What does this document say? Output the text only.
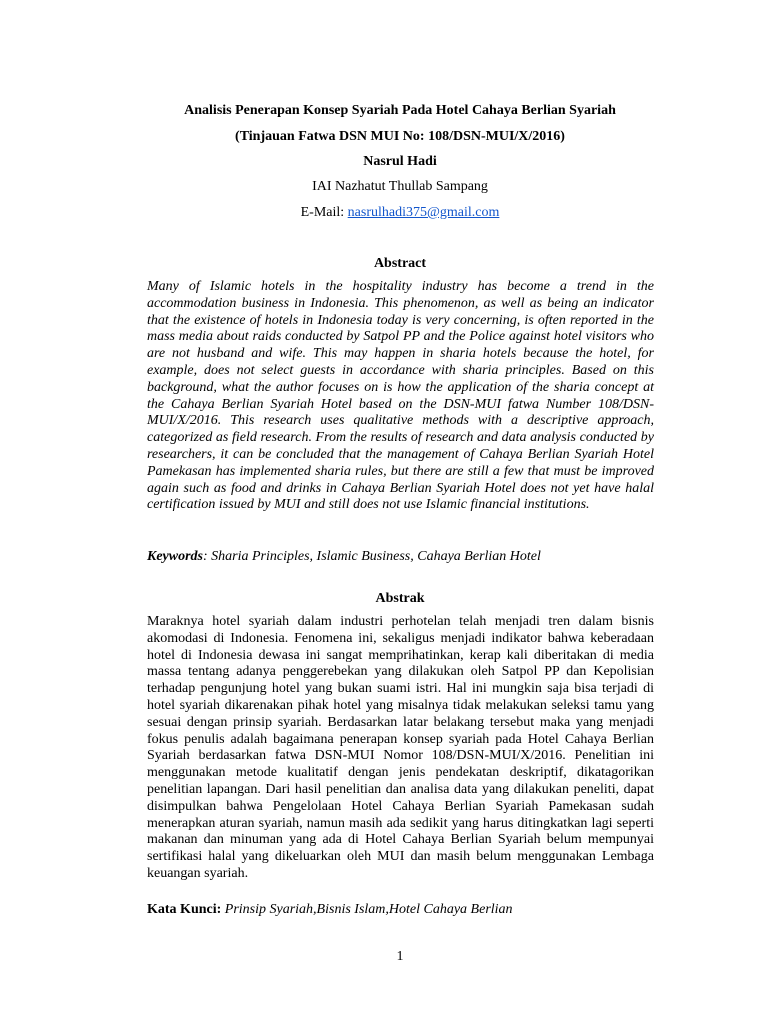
Analisis Penerapan Konsep Syariah Pada Hotel Cahaya Berlian Syariah
(Tinjauan Fatwa DSN MUI No: 108/DSN-MUI/X/2016)
Nasrul Hadi
IAI Nazhatut Thullab Sampang
E-Mail: nasrulhadi375@gmail.com
Abstract
Many of Islamic hotels in the hospitality industry has become a trend in the accommodation business in Indonesia. This phenomenon, as well as being an indicator that the existence of hotels in Indonesia today is very concerning, is often reported in the mass media about raids conducted by Satpol PP and the Police against hotel visitors who are not husband and wife. This may happen in sharia hotels because the hotel, for example, does not select guests in accordance with sharia principles. Based on this background, what the author focuses on is how the application of the sharia concept at the Cahaya Berlian Syariah Hotel based on the DSN-MUI fatwa Number 108/DSN-MUI/X/2016. This research uses qualitative methods with a descriptive approach, categorized as field research. From the results of research and data analysis conducted by researchers, it can be concluded that the management of Cahaya Berlian Syariah Hotel Pamekasan has implemented sharia rules, but there are still a few that must be improved again such as food and drinks in Cahaya Berlian Syariah Hotel does not yet have halal certification issued by MUI and still does not use Islamic financial institutions.
Keywords: Sharia Principles, Islamic Business, Cahaya Berlian Hotel
Abstrak
Maraknya hotel syariah dalam industri perhotelan telah menjadi tren dalam bisnis akomodasi di Indonesia. Fenomena ini, sekaligus menjadi indikator bahwa keberadaan hotel di Indonesia dewasa ini sangat memprihatinkan, kerap kali diberitakan di media massa tentang adanya penggerebekan yang dilakukan oleh Satpol PP dan Kepolisian terhadap pengunjung hotel yang bukan suami istri. Hal ini mungkin saja bisa terjadi di hotel syariah dikarenakan pihak hotel yang misalnya tidak melakukan seleksi tamu yang sesuai dengan prinsip syariah. Berdasarkan latar belakang tersebut maka yang menjadi fokus penulis adalah bagaimana penerapan konsep syariah pada Hotel Cahaya Berlian Syariah berdasarkan fatwa DSN-MUI Nomor 108/DSN-MUI/X/2016. Penelitian ini menggunakan metode kualitatif dengan jenis pendekatan deskriptif, dikatagorikan penelitian lapangan. Dari hasil penelitian dan analisa data yang dilakukan peneliti, dapat disimpulkan bahwa Pengelolaan Hotel Cahaya Berlian Syariah Pamekasan sudah menerapkan aturan syariah, namun masih ada sedikit yang harus ditingkatkan lagi seperti makanan dan minuman yang ada di Hotel Cahaya Berlian Syariah belum mempunyai sertifikasi halal yang dikeluarkan oleh MUI dan masih belum menggunakan Lembaga keuangan syariah.
Kata Kunci: Prinsip Syariah,Bisnis Islam,Hotel Cahaya Berlian
1
